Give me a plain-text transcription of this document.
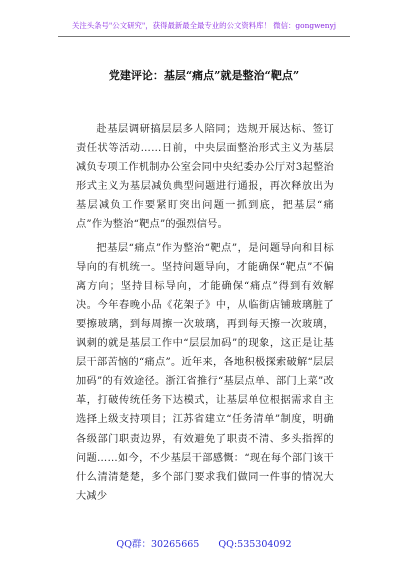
关注头条号"公文研究"，获得最新最全最专业的公文资料库！ 微信：gongwenyj
党建评论：基层“痛点”就是整治“靶点”

赴基层调研搞层层多人陪同；迭规开展达标、签订责任状等活动……日前，中央层面整治形式主义为基层减负专项工作机制办公室会同中央纪委办公厅对3起整治形式主义为基层减负典型问题进行通报，再次释放出为基层减负工作要紧盯突出问题一抓到底，把基层“痛点”作为整治“靶点”的强烈信号。

把基层“痛点”作为整治“靶点”，是问题导向和目标导向的有机统一。坚持问题导向，才能确保“靶点”不偏离方向；坚持目标导向，才能确保“痛点”得到有效解决。今年春晚小品《花架子》中，从临街店铺玻璃脏了要擦玻璃，到每周擦一次玻璃，再到每天擦一次玻璃，讽刺的就是基层工作中“层层加码”的现象，这正是让基层干部苦恼的“痛点”。近年来，各地积极探索破解“层层加码”的有效途径。浙江省推行“基层点单、部门上菜”改革，打破传统任务下达模式，让基层单位根据需求自主选择上级支持项目；江苏省建立“任务清单”制度，明确各级部门职责边界，有效避免了职责不清、多头指挥的问题……如今，不少基层干部感慨：“现在每个部门该干什么清清楚楚，多个部门要求我们做同一件事的情况大大减少

QQ群：30265665 QQ:535304092
